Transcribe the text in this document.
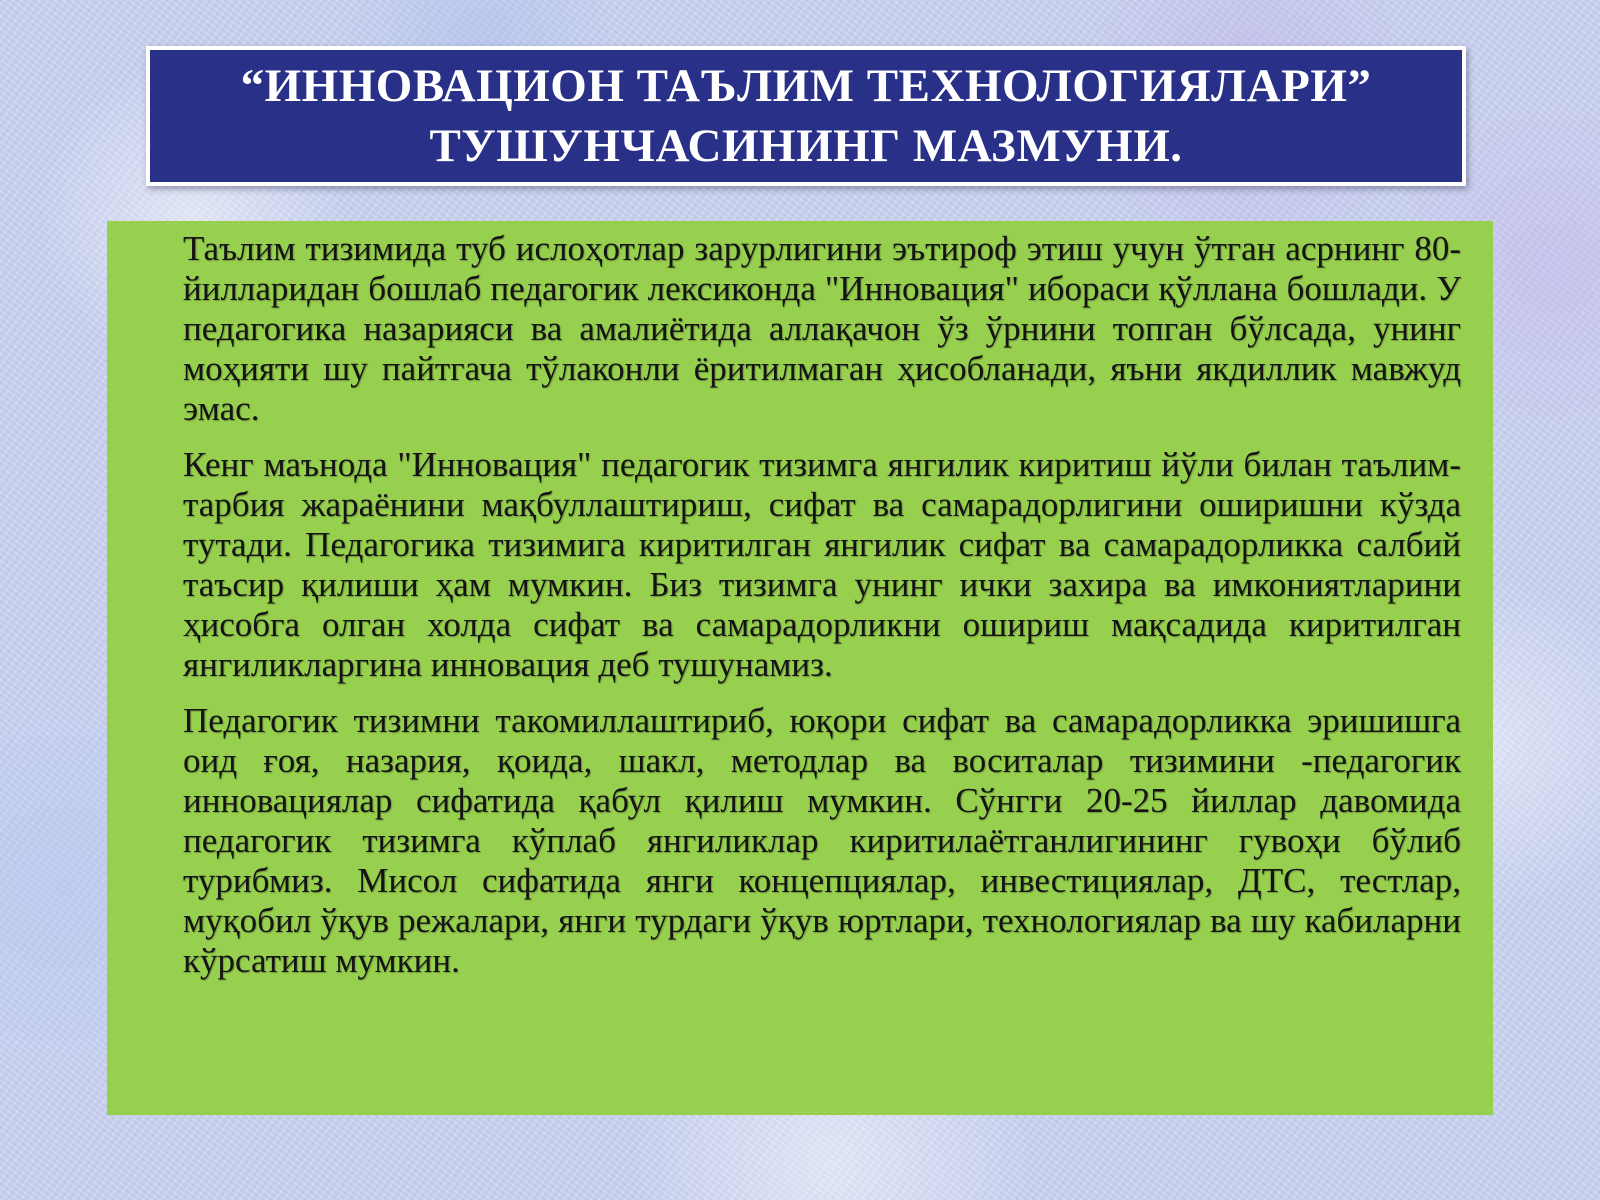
“ИННОВАЦИОН ТАЪЛИМ ТЕХНОЛОГИЯЛАРИ”
ТУШУНЧАСИНИНГ МАЗМУНИ.

Таълим тизимида туб ислоҳотлар зарурлигини эътироф этиш учун ўтган асрнинг 80-йилларидан бошлаб педагогик лексиконда "Инновация" ибораси қўллана бошлади. У педагогика назарияси ва амалиётида аллақачон ўз ўрнини топган бўлсада, унинг моҳияти шу пайтгача тўлаконли ёритилмаган ҳисобланади, яъни якдиллик мавжуд эмас.

Кенг маънода "Инновация" педагогик тизимга янгилик киритиш йўли билан таълим-тарбия жараёнини мақбуллаштириш, сифат ва самарадорлигини оширишни кўзда тутади. Педагогика тизимига киритилган янгилик сифат ва самарадорликка салбий таъсир қилиши ҳам мумкин. Биз тизимга унинг ички захира ва имкониятларини ҳисобга олган холда сифат ва самарадорликни ошириш мақсадида киритилган янгиликларгина инновация деб тушунамиз.

Педагогик тизимни такомиллаштириб, юқори сифат ва самарадорликка эришишга оид ғоя, назария, қоида, шакл, методлар ва воситалар тизимини -педагогик инновациялар сифатида қабул қилиш мумкин. Сўнгги 20-25 йиллар давомида педагогик тизимга кўплаб янгиликлар киритилаётганлигининг гувоҳи бўлиб турибмиз. Мисол сифатида янги концепциялар, инвестициялар, ДТС, тестлар, муқобил ўқув режалари, янги турдаги ўқув юртлари, технологиялар ва шу кабиларни кўрсатиш мумкин.
